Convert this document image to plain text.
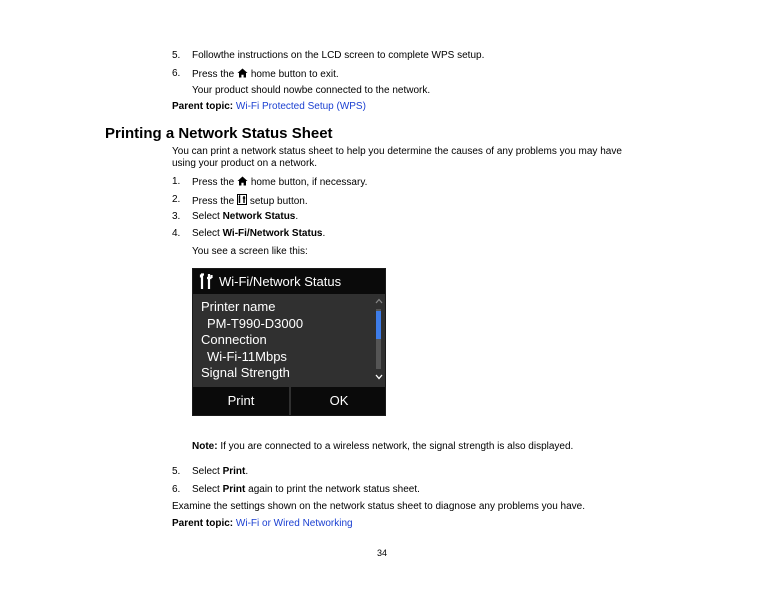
5. Followthe instructions on the LCD screen to complete WPS setup.
6. Press the home button to exit.
Your product should nowbe connected to the network.
Parent topic: Wi-Fi Protected Setup (WPS)
Printing a Network Status Sheet
You can print a network status sheet to help you determine the causes of any problems you may have
using your product on a network.
1. Press the home button, if necessary.
2. Press the setup button.
3. Select Network Status.
4. Select Wi-Fi/Network Status.
You see a screen like this:
Wi-Fi/Network Status
Printer name
PM-T990-D3000
Connection
Wi-Fi-11Mbps
Signal Strength
Print	OK
Note: If you are connected to a wireless network, the signal strength is also displayed.
5. Select Print.
6. Select Print again to print the network status sheet.
Examine the settings shown on the network status sheet to diagnose any problems you have.
Parent topic: Wi-Fi or Wired Networking
34
